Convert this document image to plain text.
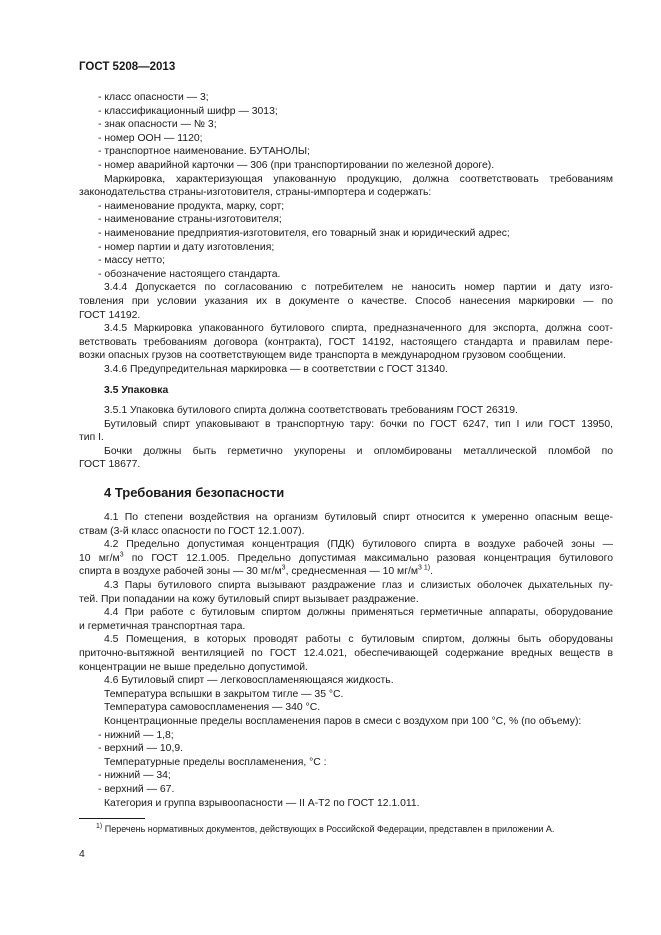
ГОСТ 5208—2013

- класс опасности — 3;

- классификационный шифр — 3013;

- знак опасности — № 3;

- номер ООН — 1120;

- транспортное наименование. БУТАНОЛЫ;

- номер аварийной карточки — 306 (при транспортировании по железной дороге).

Маркировка, характеризующая упакованную продукцию, должна соответствовать требованиям

законодательства страны-изготовителя, страны-импортера и содержать:

- наименование продукта, марку, сорт;

- наименование страны-изготовителя;

- наименование предприятия-изготовителя, его товарный знак и юридический адрес;

- номер партии и дату изготовления;

- массу нетто;

- обозначение настоящего стандарта.

3.4.4 Допускается по согласованию с потребителем не наносить номер партии и дату изго-

товления при условии указания их в документе о качестве. Способ нанесения маркировки — по

ГОСТ 14192.

3.4.5 Маркировка упакованного бутилового спирта, предназначенного для экспорта, должна соот-

ветствовать требованиям договора (контракта), ГОСТ 14192, настоящего стандарта и правилам пере-

возки опасных грузов на соответствующем виде транспорта в международном грузовом сообщении.

3.4.6 Предупредительная маркировка — в соответствии с ГОСТ 31340.

3.5 Упаковка

3.5.1 Упаковка бутилового спирта должна соответствовать требованиям ГОСТ 26319.

Бутиловый спирт упаковывают в транспортную тару: бочки по ГОСТ 6247, тип I или ГОСТ 13950,

тип I.

Бочки должны быть герметично укупорены и опломбированы металлической пломбой по

ГОСТ 18677.

4 Требования безопасности

4.1 По степени воздействия на организм бутиловый спирт относится к умеренно опасным веще-

ствам (3-й класс опасности по ГОСТ 12.1.007).

4.2 Предельно допустимая концентрация (ПДК) бутилового спирта в воздухе рабочей зоны —

10 $мг/м^3$ по ГОСТ 12.1.005. Предельно допустимая максимально разовая концентрация бутилового

спирта в воздухе рабочей зоны — 30 $мг/м^3$, среднесменная — 10 $мг/м^{3 1)}$.

4.3 Пары бутилового спирта вызывают раздражение глаз и слизистых оболочек дыхательных пу-

тей. При попадании на кожу бутиловый спирт вызывает раздражение.

4.4 При работе с бутиловым спиртом должны применяться герметичные аппараты, оборудование

и герметичная транспортная тара.

4.5 Помещения, в которых проводят работы с бутиловым спиртом, должны быть оборудованы

приточно-вытяжной вентиляцией по ГОСТ 12.4.021, обеспечивающей содержание вредных веществ в

концентрации не выше предельно допустимой.

4.6 Бутиловый спирт — легковоспламеняющаяся жидкость.

Температура вспышки в закрытом тигле — 35 °С.

Температура самовоспламенения — 340 °С.

Концентрационные пределы воспламенения паров в смеси с воздухом при 100 °С, % (по объему):

- нижний — 1,8;

- верхний — 10,9.

Температурные пределы воспламенения, °С :

- нижний — 34;

- верхний — 67.

Категория и группа взрывоопасности — II А-Т2 по ГОСТ 12.1.011.

$^{1)}$ Перечень нормативных документов, действующих в Российской Федерации, представлен в приложении А.
4
